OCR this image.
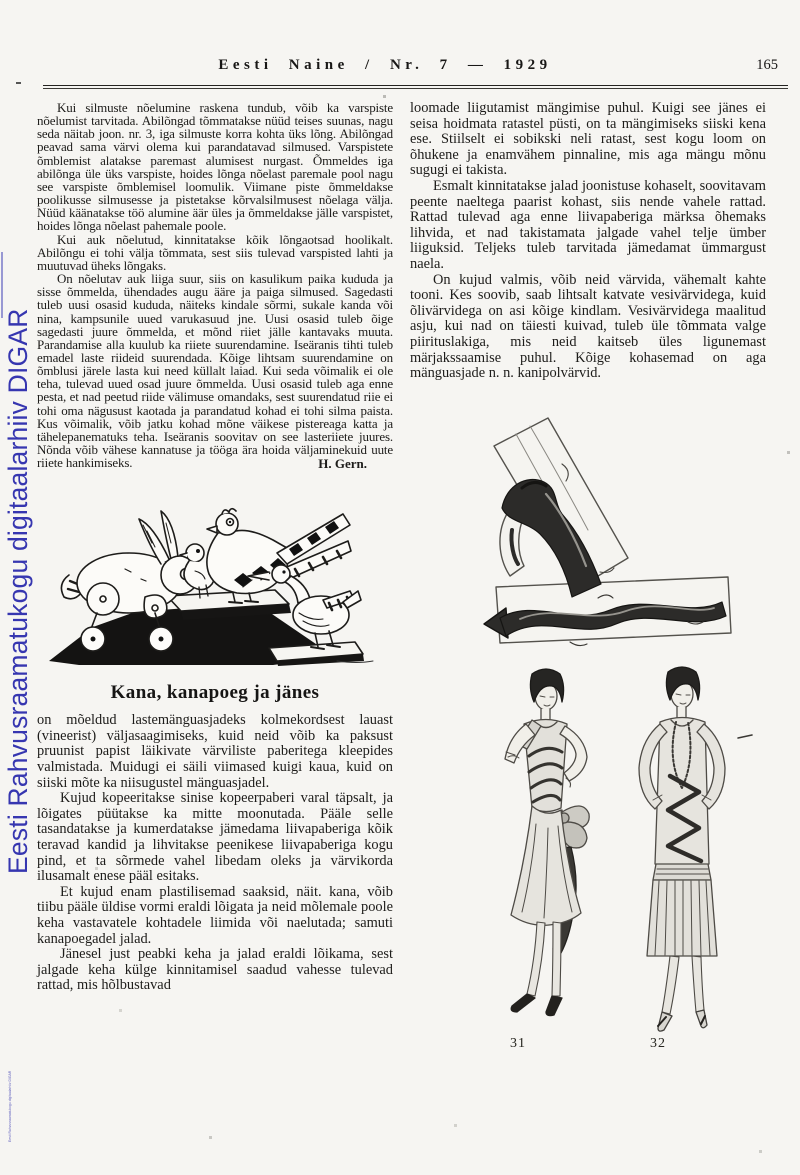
Eesti Rahvusraamatukogu digitaalarhiiv DIGAR
Eesti Rahvusraamatukogu digitaalarhiiv DIGAR
Eesti Naine / Nr. 7 — 1929	165

Kui silmuste nõelumine raskena tundub, võib ka varspiste nõelumist tarvitada. Abilõngad tõmmatakse nüüd teises suunas, nagu seda näitab joon. nr. 3, iga silmuste korra kohta üks lõng. Abilõngad peavad sama värvi olema kui parandatavad silmused. Varspistete õmblemist alatakse paremast alumisest nurgast. Õmmeldes iga abilõnga üle üks varspiste, hoides lõnga nõelast paremale pool nagu see varspiste õmblemisel loomulik. Viimane piste õmmeldakse poolikusse silmusesse ja pistetakse kõrvalsilmusest nõelaga välja. Nüüd käänatakse töö alumine äär üles ja õmmeldakse jälle varspistet, hoides lõnga nõelast pahemale poole.

Kui auk nõelutud, kinnitatakse kõik lõngaotsad hoolikalt. Abilõngu ei tohi välja tõmmata, sest siis tulevad varspisted lahti ja muutuvad üheks lõngaks.

On nõelutav auk liiga suur, siis on kasulikum paika kududa ja sisse õmmelda, ühendades augu ääre ja paiga silmused. Sagedasti tuleb uusi osasid kududa, näiteks kindale sõrmi, sukale kanda või nina, kampsunile uued varukasuud jne. Uusi osasid tuleb õige sagedasti juure õmmelda, et mõnd riiet jälle kantavaks muuta. Parandamise alla kuulub ka riiete suurendamine. Iseäranis tihti tuleb emadel laste riideid suurendada. Kõige lihtsam suurendamine on õmblusi järele lasta kui need küllalt laiad. Kui seda võimalik ei ole teha, tulevad uued osad juure õmmelda. Uusi osasid tuleb aga enne pesta, et nad peetud riide välimuse omandaks, sest suurendatud riie ei tohi oma nägusust kaotada ja parandatud kohad ei tohi silma paista. Kus võimalik, võib jatku kohad mõne väikese pistereaga katta ja tähelepanematuks teha. Iseäranis soovitav on see lasteriiete juures. Nõnda võib vähese kannatuse ja tööga ära hoida väljaminekuid uute riiete hankimiseks.	H. Gern.
Kana, kanapoeg ja jänes

on mõeldud lastemänguasjadeks kolmekordsest lauast (vineerist) väljasaagimiseks, kuid neid võib ka paksust pruunist papist läikivate värviliste paberitega kleepides valmistada. Muidugi ei säili viimased kuigi kaua, kuid on siiski mõte ka niisugustel mänguasjadel.

Kujud kopeeritakse sinise kopeerpaberi varal täpsalt, ja lõigates püütakse ka mitte moonutada. Pääle selle tasandatakse ja kumerdatakse jämedama liivapaberiga kõik teravad kandid ja lihvitakse peenikese liivapaberiga kogu pind, et ta sõrmede vahel libedam oleks ja värvikorda ilusamalt enese pääl esitaks.

Et kujud enam plastilisemad saaksid, näit. kana, võib tiibu pääle üldise vormi eraldi lõigata ja neid mõlemale poole keha vastavatele kohtadele liimida või naelutada; samuti kanapoegadel jalad.

Jänesel just peabki keha ja jalad eraldi lõikama, sest jalgade keha külge kinnitamisel saadud vahesse tulevad rattad, mis hõlbustavad

loomade liigutamist mängimise puhul. Kuigi see jänes ei seisa hoidmata ratastel püsti, on ta mängimiseks siiski kena ese. Stiilselt ei sobikski neli ratast, sest kogu loom on õhukene ja enamvähem pinnaline, mis aga mängu mõnu sugugi ei takista.

Esmalt kinnitatakse jalad joonistuse kohaselt, soovitavam peente naeltega paarist kohast, siis nende vahele rattad. Rattad tulevad aga enne liivapaberiga märksa õhemaks lihvida, et nad takistamata jalgade vahel telje ümber liiguksid. Teljeks tuleb tarvitada jämedamat ümmargust naela.

On kujud valmis, võib neid värvida, vähemalt kahte tooni. Kes soovib, saab lihtsalt katvate vesivärvidega, kuid õlivärvidega on asi kõige kindlam. Vesivärvidega maalitud asju, kui nad on täiesti kuivad, tuleb üle tõmmata valge piirituslakiga, mis neid kaitseb üles ligunemast märjakssaamise puhul. Kõige kohasemad on aga mänguasjade n. n. kanipolvärvid.

31	32
